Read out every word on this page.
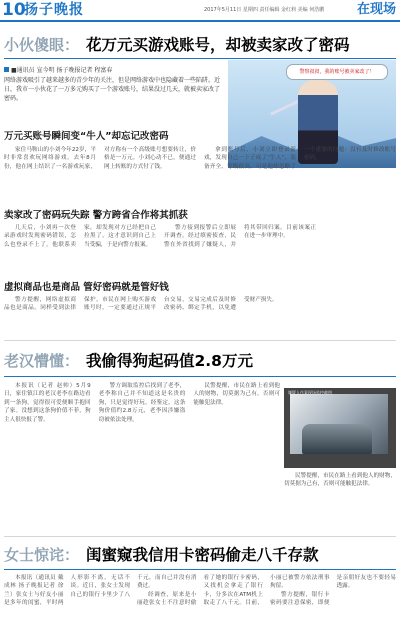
10
扬子晚报	2017年5月11日 星期四 责任编辑 金红莉 美编 何浩鹏	在现场
小伙傻眼： 花万元买游戏账号，却被卖家改了密码
■通讯员 宣今明 扬子晚报记者 程富春
网络游戏吸引了越来越多的青少年的关注，但是网络游戏中也隐藏着一些陷阱。近日，我市一小伙花了一万多元购买了一个游戏账号，结果没过几天，就被卖家改了密码。
警察叔叔，我的账号被卖家改了！
万元买账号瞬间变“牛人”却忘记改密码

家住马鞍山的小刘今年22岁，平时非常喜欢玩网络游戏。去年8月份，他在网上结识了一名游戏玩家，对方称有一个高级账号想要转让，价格是一万元。小刘心动不已，便通过网上转账的方式付了钱。

拿到账号后，小刘立即登录游戏，发现自己一下子成了“牛人”，装备齐全、等级很高。可是他却忽略了一个重要的问题：没有及时修改账号密码。

卖家改了密码玩失踪 警方跨省合作将其抓获

几天后，小刘再一次登录游戏时发现密码错误，怎么也登录不上了。他联系卖家，却发现对方已经把自己拉黑了，这才意识到自己上当受骗，于是向警方报案。

警方接到报警后立即展开调查。经过缜密侦查，民警在外省找到了嫌疑人，并将其带回归案。目前该案正在进一步审理中。

虚拟商品也是商品 管好密码就是管好钱

警方提醒，网络虚拟商品也是商品，同样受到法律保护。市民在网上购买游戏账号时，一定要通过正规平台交易，交易完成后及时修改密码、绑定手机，以免遭受财产损失。

老汉懵懂： 我偷得狗起码值2.8万元

本报讯（记者 赵帅）5月9日，家住镇江的老汉老李在路边看到一条狗，觉得很可爱便顺手抱回了家。没想到这条狗价值不菲，狗主人很快报了警。

警方调取监控后找到了老李，老李称自己并不知道这是名贵的狗，只是觉得好玩。经鉴定，这条狗价值约2.8万元，老李因涉嫌盗窃被依法处理。

民警提醒，市民在路上看到他人的财物，切莫据为己有，否则可能触犯法律。

嫌疑人作案现场监控截图

民警提醒，市民在路上看到他人的财物，切莫据为己有，否则可能触犯法律。

女士惊诧： 闺蜜窥我信用卡密码偷走八千存款

本报讯（通讯员 戴成林 扬子晚报记者 徐兰）张女士与好友小丽是多年的闺蜜，平时两人形影不离，无话不谈。近日，张女士发现自己的银行卡里少了八千元，而自己并没有消费过。

经调查，原来是小丽趁张女士不注意时偷看了她的银行卡密码，又找机会拿走了银行卡，分多次在ATM机上取走了八千元。目前，小丽已被警方依法刑事拘留。

警方提醒，银行卡密码要注意保密，即便是亲朋好友也不要轻易透露。
